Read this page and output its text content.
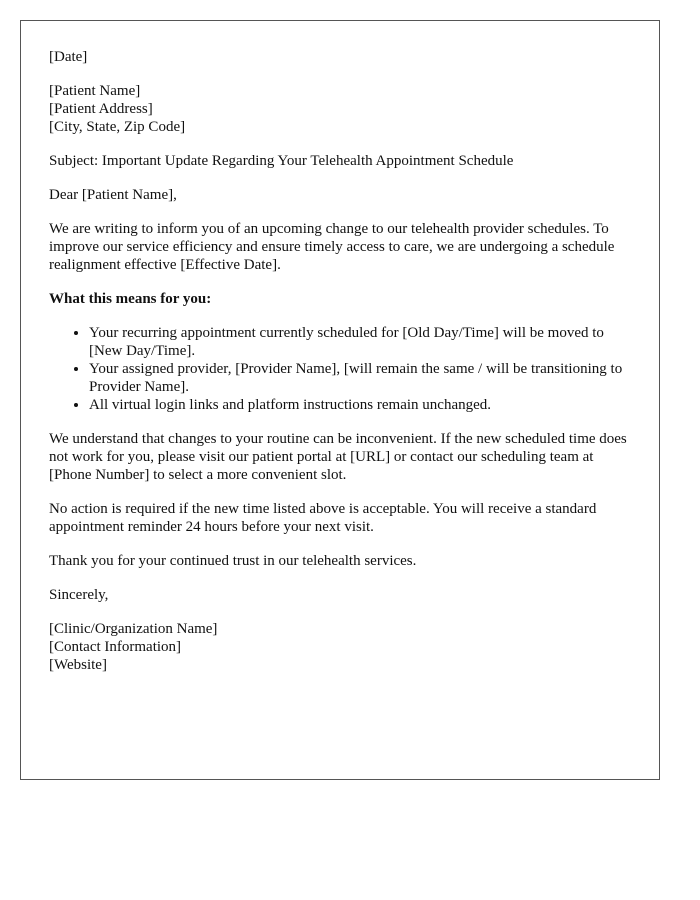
[Date]
[Patient Name]
[Patient Address]
[City, State, Zip Code]

Subject: Important Update Regarding Your Telehealth Appointment Schedule

Dear [Patient Name],

We are writing to inform you of an upcoming change to our telehealth provider schedules. To improve our service efficiency and ensure timely access to care, we are undergoing a schedule realignment effective [Effective Date].

What this means for you:
• Your recurring appointment currently scheduled for [Old Day/Time] will be moved to [New Day/Time].
• Your assigned provider, [Provider Name], [will remain the same / will be transitioning to Provider Name].
• All virtual login links and platform instructions remain unchanged.

We understand that changes to your routine can be inconvenient. If the new scheduled time does not work for you, please visit our patient portal at [URL] or contact our scheduling team at [Phone Number] to select a more convenient slot.

No action is required if the new time listed above is acceptable. You will receive a standard appointment reminder 24 hours before your next visit.

Thank you for your continued trust in our telehealth services.

Sincerely,

[Clinic/Organization Name]
[Contact Information]
[Website]
